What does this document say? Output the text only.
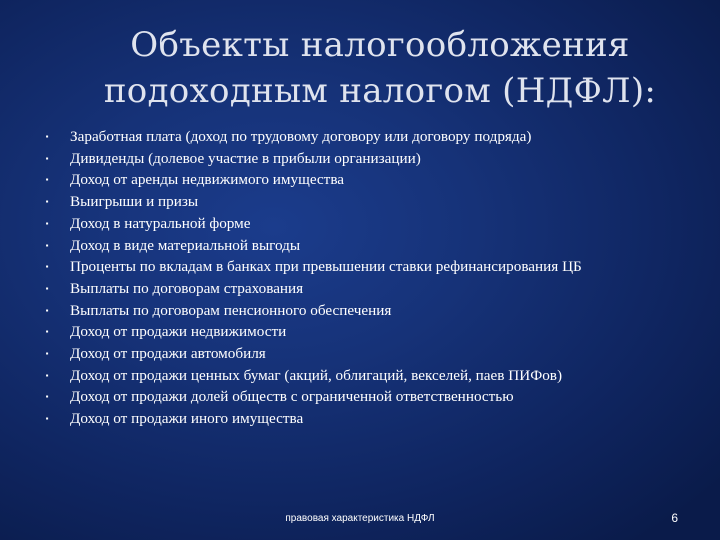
Объекты налогообложения
подоходным налогом (НДФЛ):
▪	Заработная плата (доход по трудовому договору или договору подряда)
▪	Дивиденды (долевое участие в прибыли организации)
▪	Доход от аренды недвижимого имущества
▪	Выигрыши и призы
▪	Доход в натуральной форме
▪	Доход в виде материальной выгоды
▪	Проценты по вкладам в банках при превышении ставки рефинансирования ЦБ
▪	Выплаты по договорам страхования
▪	Выплаты по договорам пенсионного обеспечения
▪	Доход от продажи недвижимости
▪	Доход от продажи автомобиля
▪	Доход от продажи ценных бумаг (акций, облигаций, векселей, паев ПИФов)
▪	Доход от продажи долей обществ с ограниченной ответственностью
▪	Доход от продажи иного имущества
правовая характеристика НДФЛ	6
